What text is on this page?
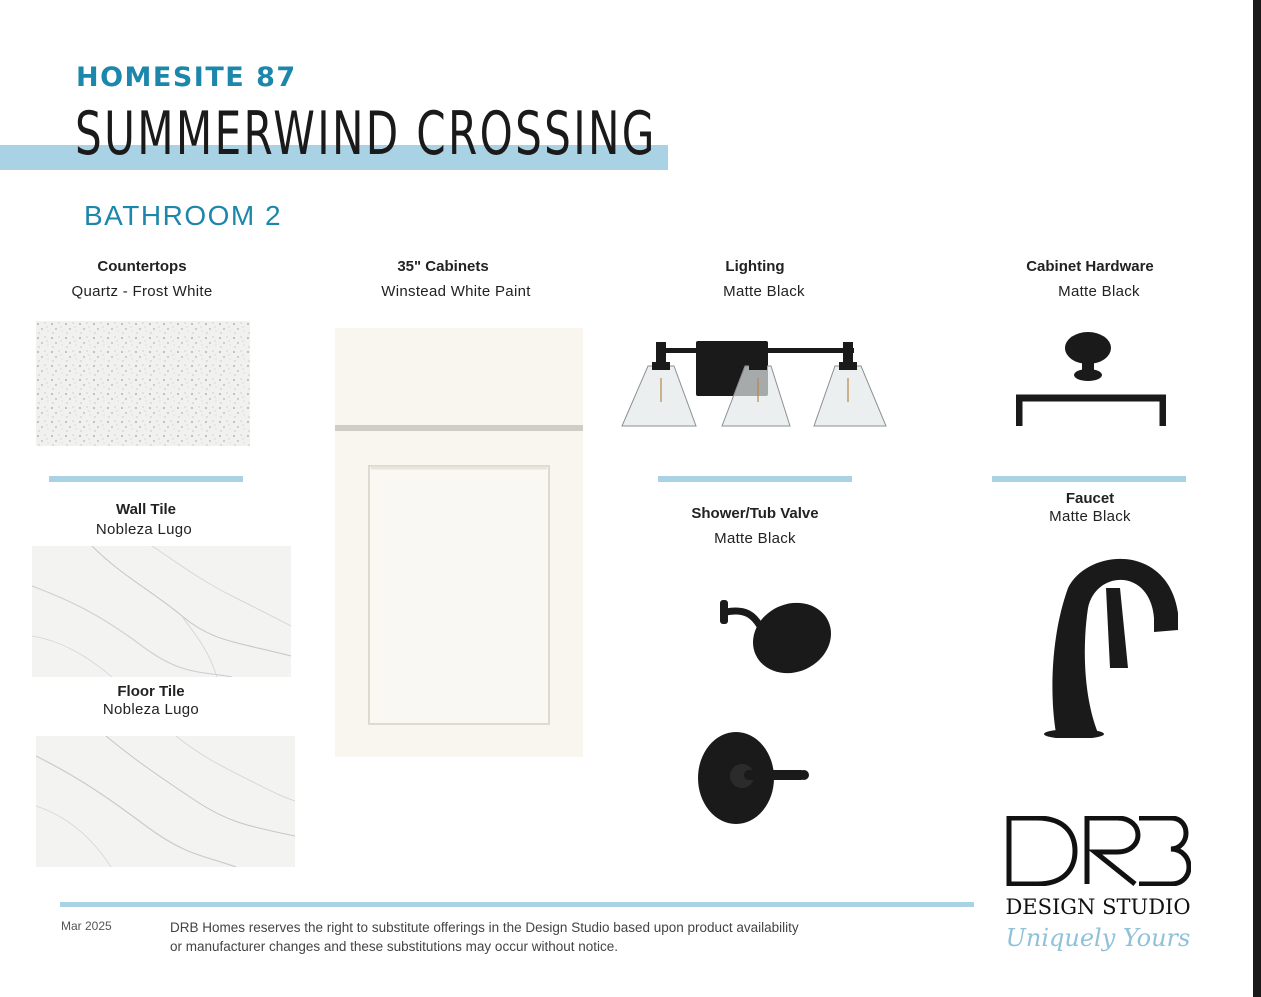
HOMESITE 87
SUMMERWIND CROSSING
BATHROOM 2
Countertops
Quartz - Frost White
Wall Tile
Nobleza Lugo
Floor Tile
Nobleza Lugo
35" Cabinets
Winstead White Paint
Lighting
Matte Black
Shower/Tub Valve
Matte Black
Cabinet Hardware
Matte Black
Faucet
Matte Black
Mar 2025	DRB Homes reserves the right to substitute offerings in the Design Studio based upon product availability
or manufacturer changes and these substitutions may occur without notice.
DESIGN STUDIO
Uniquely Yours
